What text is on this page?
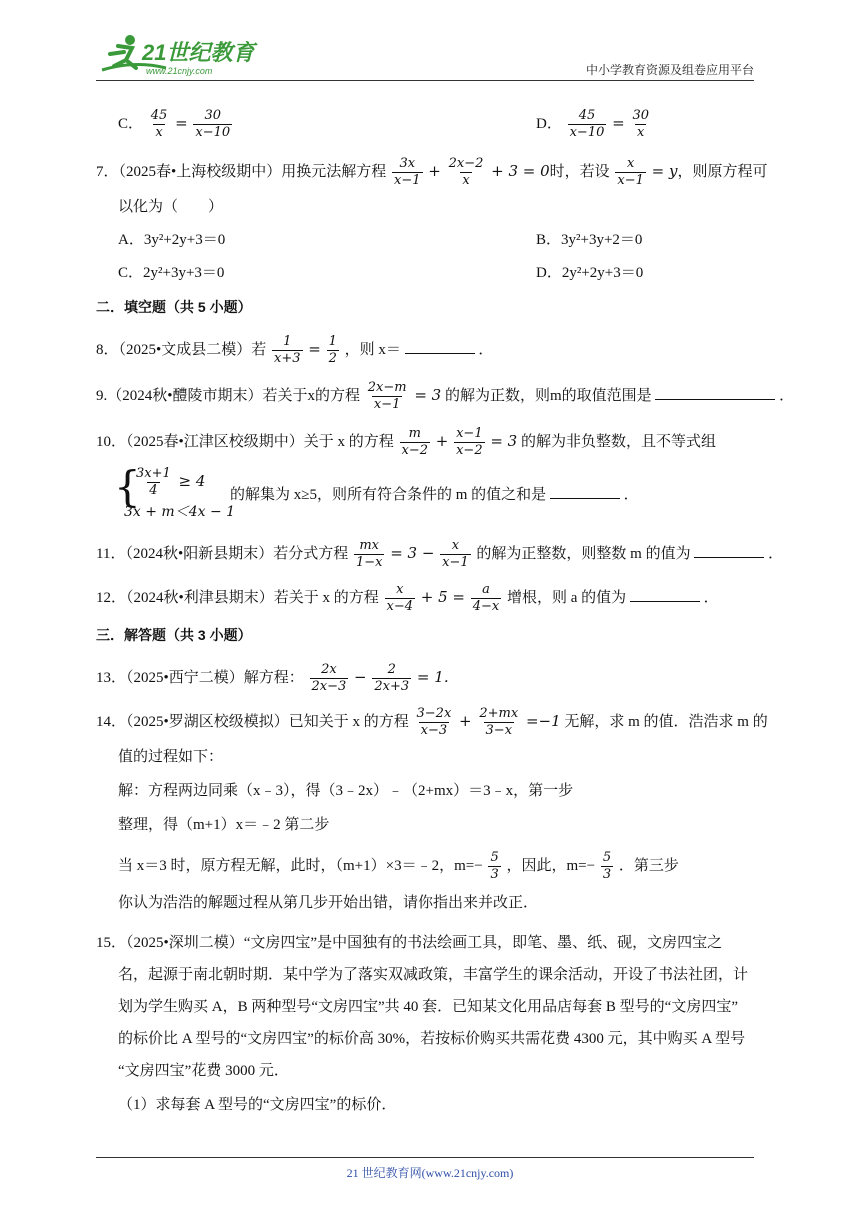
21世纪教育
www.21cnjy.com	中小学教育资源及组卷应用平台
C． $\frac{45}{x} = \frac{30}{x-10}$	D． $\frac{45}{x-10} = \frac{30}{x}$
7．（2025春•上海校级期中）用换元法解方程 $\frac{3x}{x-1} + \frac{2x-2}{x} + 3 = 0$时，若设 $\frac{x}{x-1} = y$，则原方程可
以化为（　　）
A．3y²+2y+3＝0	B．3y²+3y+2＝0
C．2y²+3y+3＝0	D．2y²+2y+3＝0
二．填空题（共 5 小题）
8．（2025•文成县二模）若 $\frac{1}{x+3} = \frac{1}{2}$ ，则 x＝	．
9.（2024秋•醴陵市期末）若关于x的方程 $\frac{2x-m}{x-1} = 3$ 的解为正数，则m的取值范围是	．
10．（2025春•江津区校级期中）关于 x 的方程 $\frac{m}{x-2} + \frac{x-1}{x-2} = 3$ 的解为非负整数，且不等式组
{
$\frac{3x+1}{4} \ge 4$
3x + m＜4x − 1
的解集为 x≥5，则所有符合条件的 m 的值之和是	．
11．（2024秋•阳新县期末）若分式方程 $\frac{mx}{1-x} = 3 - \frac{x}{x-1}$ 的解为正整数，则整数 m 的值为	．
12．（2024秋•利津县期末）若关于 x 的方程 $\frac{x}{x-4} + 5 = \frac{a}{4-x}$ 增根，则 a 的值为	．
三．解答题（共 3 小题）
13．（2025•西宁二模）解方程： $\frac{2x}{2x-3} - \frac{2}{2x+3} = 1$．
14．（2025•罗湖区校级模拟）已知关于 x 的方程 $\frac{3-2x}{x-3} + \frac{2+mx}{3-x} =-1$ 无解，求 m 的值．浩浩求 m 的
值的过程如下：
解：方程两边同乘（x﹣3），得（3﹣2x）﹣（2+mx）＝3﹣x，第一步
整理，得（m+1）x＝﹣2 第二步
当 x＝3 时，原方程无解，此时，（m+1）×3＝﹣2，$m=- \frac{5}{3}$ ，因此，$m=- \frac{5}{3}$ ．第三步
你认为浩浩的解题过程从第几步开始出错，请你指出来并改正．
15．（2025•深圳二模）“文房四宝”是中国独有的书法绘画工具，即笔、墨、纸、砚，文房四宝之
名，起源于南北朝时期．某中学为了落实双减政策，丰富学生的课余活动，开设了书法社团，计
划为学生购买 A，B 两种型号“文房四宝”共 40 套．已知某文化用品店每套 B 型号的“文房四宝”
的标价比 A 型号的“文房四宝”的标价高 30%，若按标价购买共需花费 4300 元，其中购买 A 型号
“文房四宝”花费 3000 元．
（1）求每套 A 型号的“文房四宝”的标价．
21 世纪教育网(www.21cnjy.com)
